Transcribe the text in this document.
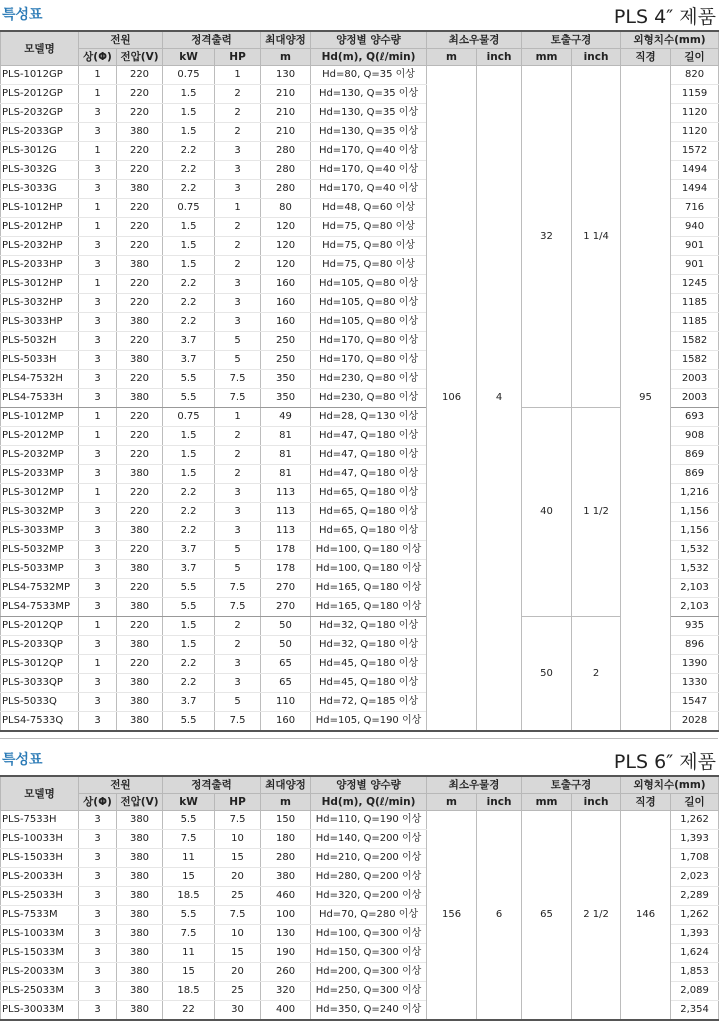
특성표	PLS 4″ 제품
모델명	전원		정격출력		최대양정	양정별 양수량	최소우물경		토출구경		외형치수(mm)	
	상(Φ)	전압(V)	kW	HP	m	Hd(m), Q(ℓ/min)	m	inch	mm	inch	직경	길이
PLS-1012GP	1	220	0.75	1	130	Hd=80, Q=35 이상	106	4	32	1 1/4	95	820
PLS-2012GP	1	220	1.5	2	210	Hd=130, Q=35 이상						1159
PLS-2032GP	3	220	1.5	2	210	Hd=130, Q=35 이상						1120
PLS-2033GP	3	380	1.5	2	210	Hd=130, Q=35 이상						1120
PLS-3012G	1	220	2.2	3	280	Hd=170, Q=40 이상						1572
PLS-3032G	3	220	2.2	3	280	Hd=170, Q=40 이상						1494
PLS-3033G	3	380	2.2	3	280	Hd=170, Q=40 이상						1494
PLS-1012HP	1	220	0.75	1	80	Hd=48, Q=60 이상						716
PLS-2012HP	1	220	1.5	2	120	Hd=75, Q=80 이상						940
PLS-2032HP	3	220	1.5	2	120	Hd=75, Q=80 이상						901
PLS-2033HP	3	380	1.5	2	120	Hd=75, Q=80 이상						901
PLS-3012HP	1	220	2.2	3	160	Hd=105, Q=80 이상						1245
PLS-3032HP	3	220	2.2	3	160	Hd=105, Q=80 이상						1185
PLS-3033HP	3	380	2.2	3	160	Hd=105, Q=80 이상						1185
PLS-5032H	3	220	3.7	5	250	Hd=170, Q=80 이상						1582
PLS-5033H	3	380	3.7	5	250	Hd=170, Q=80 이상						1582
PLS4-7532H	3	220	5.5	7.5	350	Hd=230, Q=80 이상						2003
PLS4-7533H	3	380	5.5	7.5	350	Hd=230, Q=80 이상						2003
PLS-1012MP	1	220	0.75	1	49	Hd=28, Q=130 이상			40	1 1/2		693
PLS-2012MP	1	220	1.5	2	81	Hd=47, Q=180 이상						908
PLS-2032MP	3	220	1.5	2	81	Hd=47, Q=180 이상						869
PLS-2033MP	3	380	1.5	2	81	Hd=47, Q=180 이상						869
PLS-3012MP	1	220	2.2	3	113	Hd=65, Q=180 이상						1,216
PLS-3032MP	3	220	2.2	3	113	Hd=65, Q=180 이상						1,156
PLS-3033MP	3	380	2.2	3	113	Hd=65, Q=180 이상						1,156
PLS-5032MP	3	220	3.7	5	178	Hd=100, Q=180 이상						1,532
PLS-5033MP	3	380	3.7	5	178	Hd=100, Q=180 이상						1,532
PLS4-7532MP	3	220	5.5	7.5	270	Hd=165, Q=180 이상						2,103
PLS4-7533MP	3	380	5.5	7.5	270	Hd=165, Q=180 이상						2,103
PLS-2012QP	1	220	1.5	2	50	Hd=32, Q=180 이상			50	2		935
PLS-2033QP	3	380	1.5	2	50	Hd=32, Q=180 이상						896
PLS-3012QP	1	220	2.2	3	65	Hd=45, Q=180 이상						1390
PLS-3033QP	3	380	2.2	3	65	Hd=45, Q=180 이상						1330
PLS-5033Q	3	380	3.7	5	110	Hd=72, Q=185 이상						1547
PLS4-7533Q	3	380	5.5	7.5	160	Hd=105, Q=190 이상						2028
특성표	PLS 6″ 제품
모델명	전원		정격출력		최대양정	양정별 양수량	최소우물경		토출구경		외형치수(mm)	
	상(Φ)	전압(V)	kW	HP	m	Hd(m), Q(ℓ/min)	m	inch	mm	inch	직경	길이
PLS-7533H	3	380	5.5	7.5	150	Hd=110, Q=190 이상	156	6	65	2 1/2	146	1,262
PLS-10033H	3	380	7.5	10	180	Hd=140, Q=200 이상						1,393
PLS-15033H	3	380	11	15	280	Hd=210, Q=200 이상						1,708
PLS-20033H	3	380	15	20	380	Hd=280, Q=200 이상						2,023
PLS-25033H	3	380	18.5	25	460	Hd=320, Q=200 이상						2,289
PLS-7533M	3	380	5.5	7.5	100	Hd=70, Q=280 이상						1,262
PLS-10033M	3	380	7.5	10	130	Hd=100, Q=300 이상						1,393
PLS-15033M	3	380	11	15	190	Hd=150, Q=300 이상						1,624
PLS-20033M	3	380	15	20	260	Hd=200, Q=300 이상						1,853
PLS-25033M	3	380	18.5	25	320	Hd=250, Q=300 이상						2,089
PLS-30033M	3	380	22	30	400	Hd=350, Q=240 이상						2,354
